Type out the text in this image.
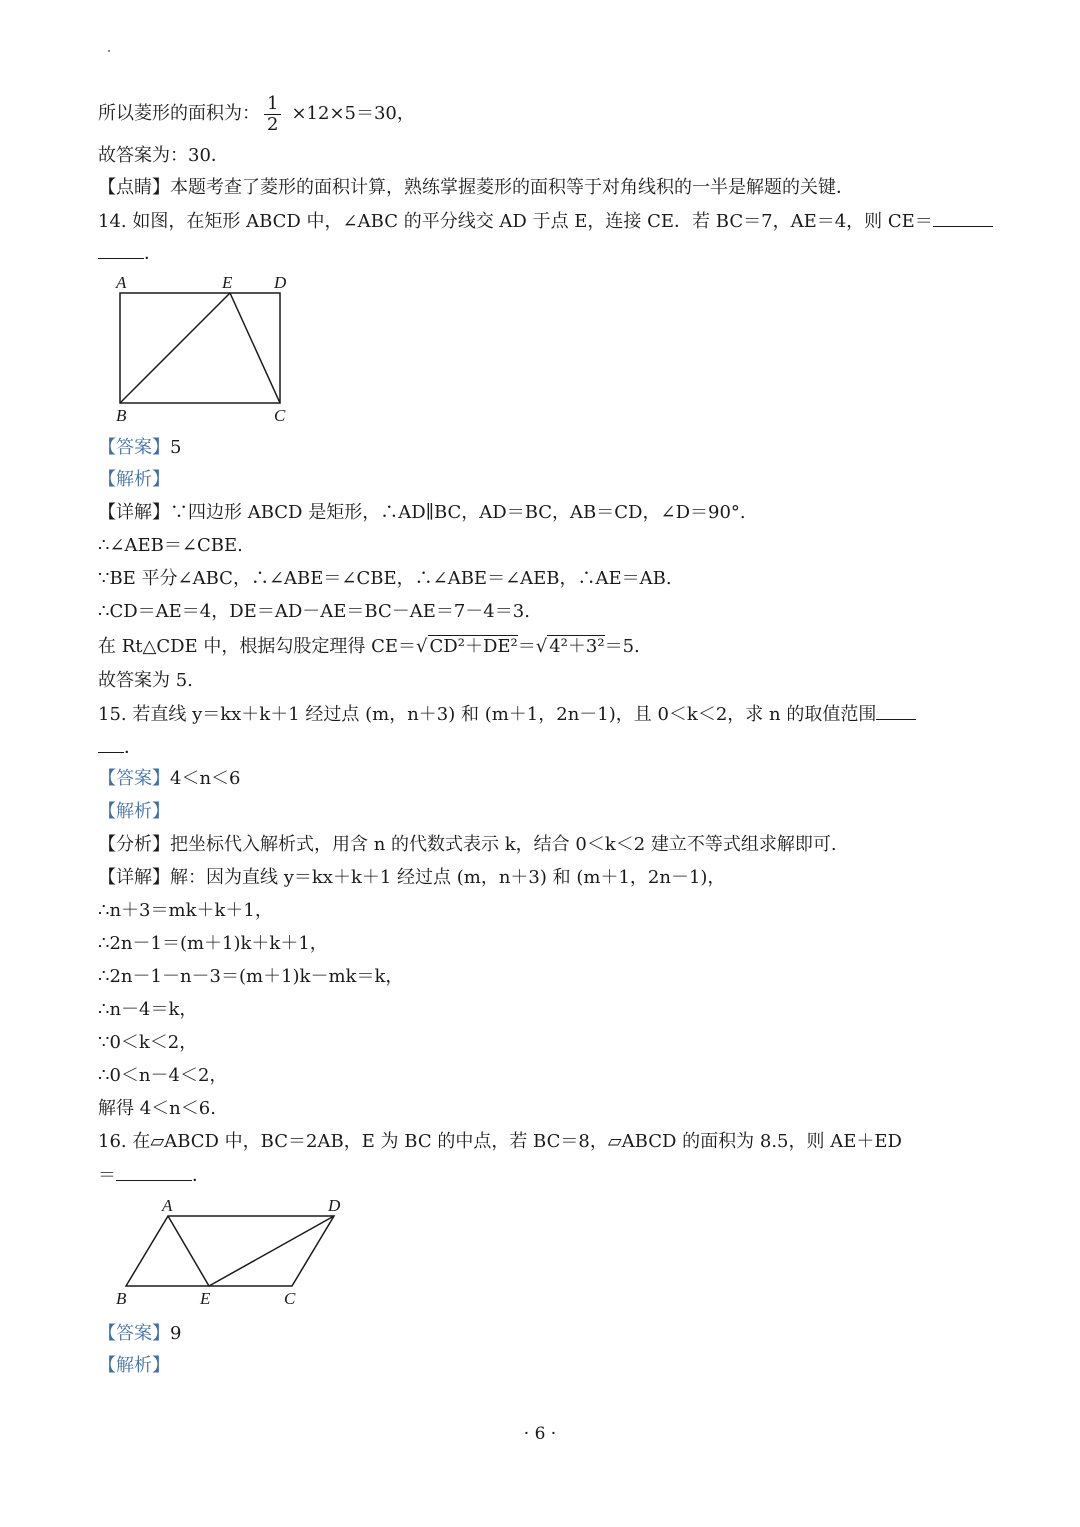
所以菱形的面积为： $\frac{1}{2} \times 12\times 5=30$，
故答案为：30．
【点睛】本题考查了菱形的面积计算，熟练掌握菱形的面积等于对角线积的一半是解题的关键．
14. 如图，在矩形 ABCD 中，∠ABC 的平分线交 AD 于点 E，连接 CE．若 BC＝7，AE＝4，则 CE＝
．
A	E D
B	C
【答案】5
【解析】
【详解】∵四边形 ABCD 是矩形，∴AD∥BC，AD＝BC，AB＝CD，∠D＝90°.
∴∠AEB＝∠CBE.
∵BE 平分∠ABC，∴∠ABE＝∠CBE，∴∠ABE＝∠AEB，∴AE＝AB.
∴CD＝AE＝4，DE＝AD－AE＝BC－AE＝7－4＝3.
在 Rt△CDE 中，根据勾股定理得 CE＝√ CD²＋DE²＝√ 4²＋3²＝5.
故答案为 5.
15. 若直线 y＝kx＋k＋1 经过点 (m，n＋3) 和 (m＋1，2n－1)，且 0＜k＜2，求 n 的取值范围
．
【答案】4＜n＜6
【解析】
【分析】把坐标代入解析式，用含 n 的代数式表示 k，结合 0＜k＜2 建立不等式组求解即可.
【详解】解：因为直线 y＝kx＋k＋1 经过点 (m，n＋3) 和 (m＋1，2n－1)，
∴n＋3＝mk＋k＋1，
∴2n－1＝(m＋1)k＋k＋1，
∴2n－1－n－3＝(m＋1)k－mk＝k，
∴n－4＝k，
∵0＜k＜2，
∴0＜n－4＜2，
解得 4＜n＜6.
16. 在▱ABCD 中，BC＝2AB，E 为 BC 的中点，若 BC＝8，▱ABCD 的面积为 8.5，则 AE＋ED
＝	．
A	D
B	E	C
【答案】9
【解析】
· 6 ·
